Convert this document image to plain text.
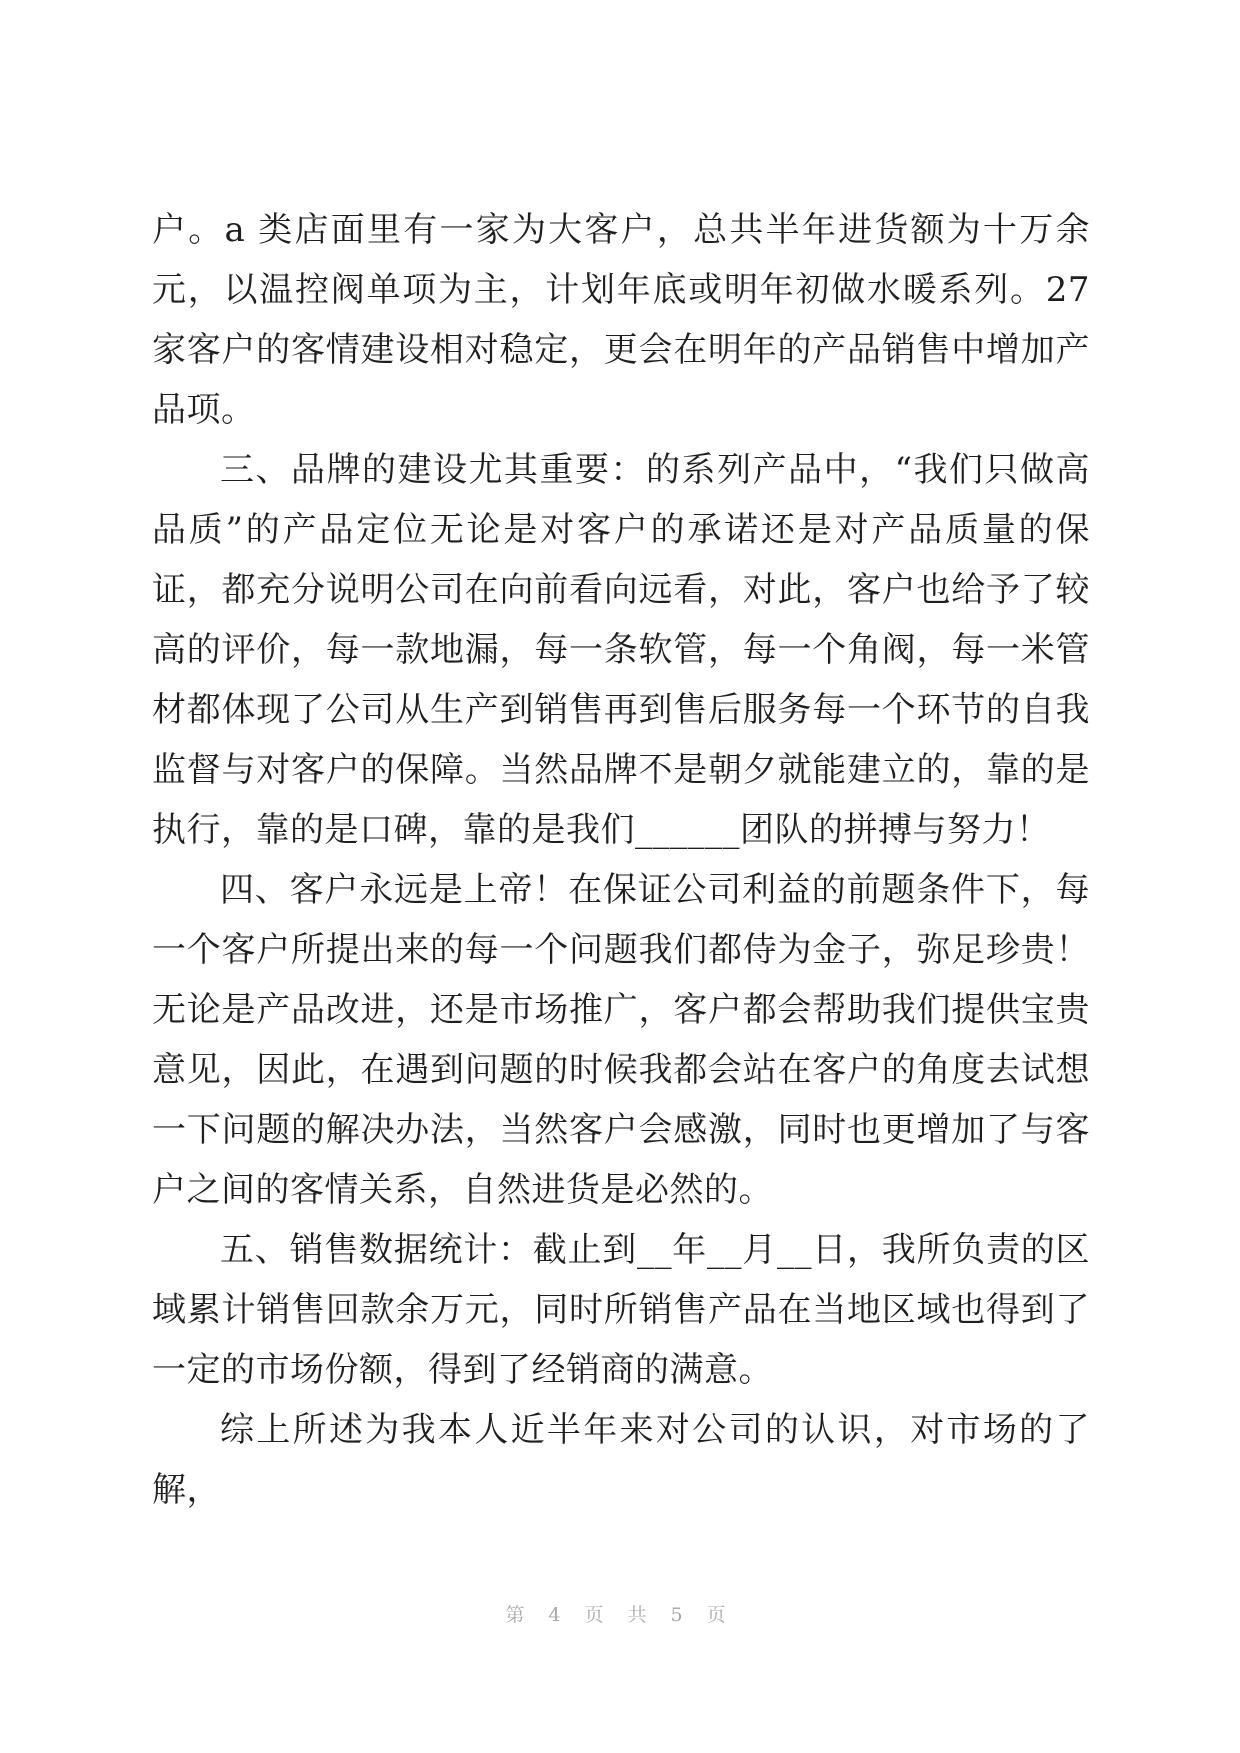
户。a 类店面里有一家为大客户，总共半年进货额为十万余元，以温控阀单项为主，计划年底或明年初做水暖系列。27 家客户的客情建设相对稳定，更会在明年的产品销售中增加产品项。

三、品牌的建设尤其重要：的系列产品中，“我们只做高品质”的产品定位无论是对客户的承诺还是对产品质量的保证，都充分说明公司在向前看向远看，对此，客户也给予了较高的评价，每一款地漏，每一条软管，每一个角阀，每一米管材都体现了公司从生产到销售再到售后服务每一个环节的自我监督与对客户的保障。当然品牌不是朝夕就能建立的，靠的是执行，靠的是口碑，靠的是我们______团队的拼搏与努力！

四、客户永远是上帝！在保证公司利益的前题条件下，每一个客户所提出来的每一个问题我们都侍为金子，弥足珍贵！无论是产品改进，还是市场推广，客户都会帮助我们提供宝贵意见，因此，在遇到问题的时候我都会站在客户的角度去试想一下问题的解决办法，当然客户会感激，同时也更增加了与客户之间的客情关系，自然进货是必然的。

五、销售数据统计：截止到__年__月__日，我所负责的区域累计销售回款余万元，同时所销售产品在当地区域也得到了一定的市场份额，得到了经销商的满意。

综上所述为我本人近半年来对公司的认识，对市场的了解，

第 4 页 共 5 页
